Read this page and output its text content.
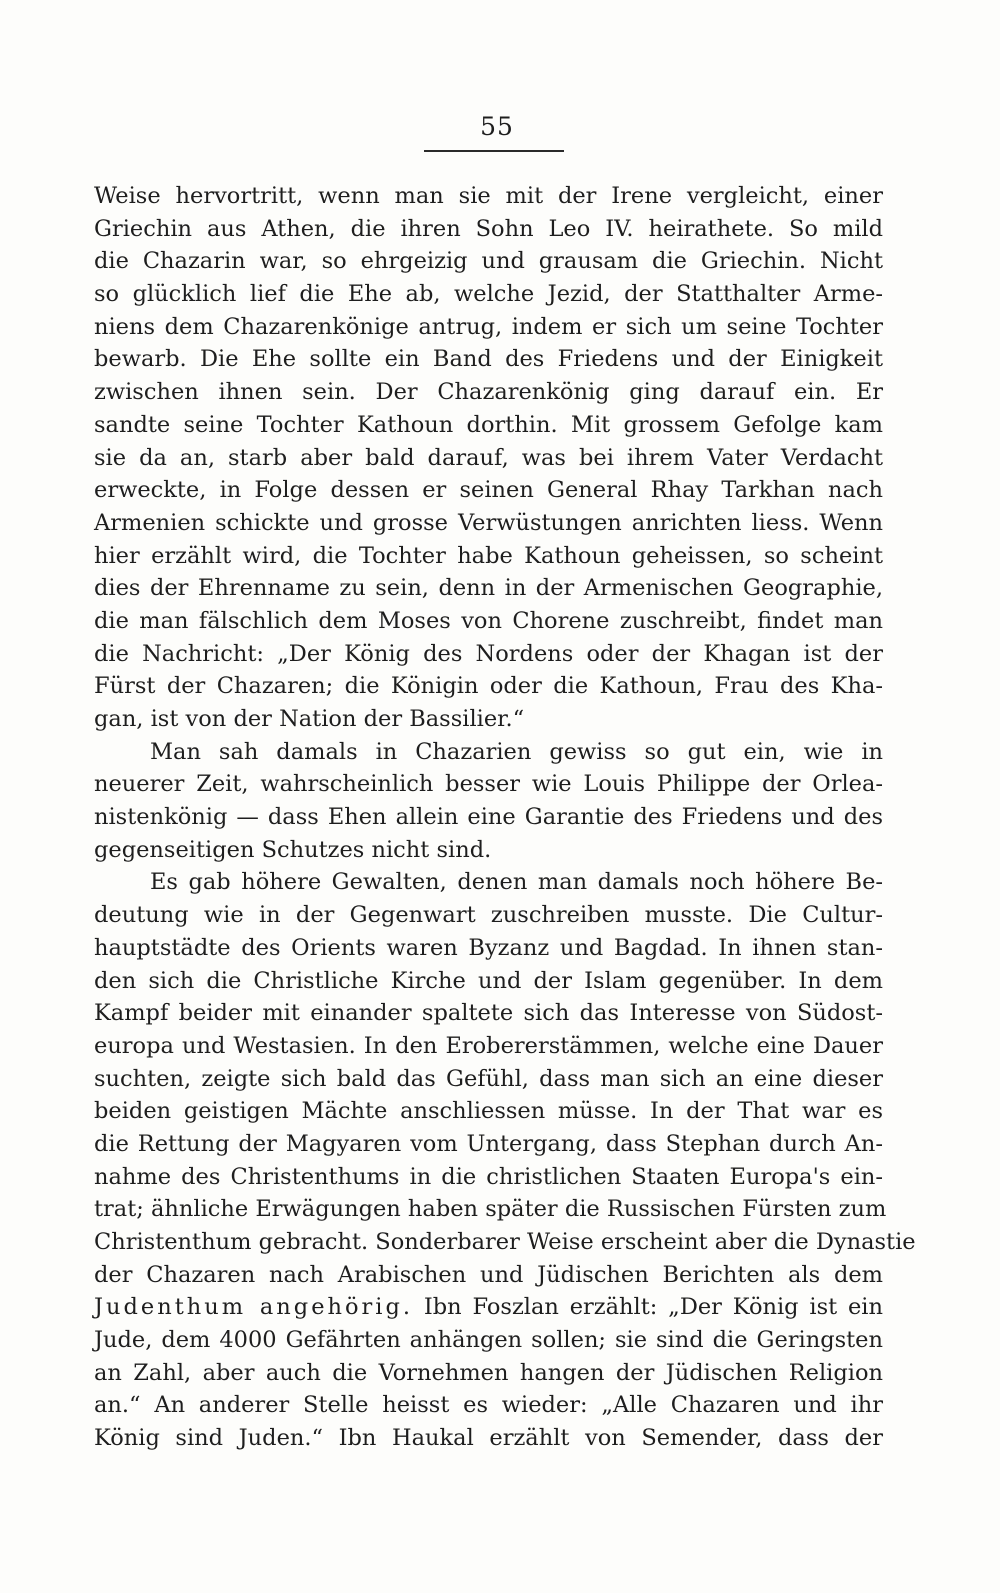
55
Weise hervortritt, wenn man sie mit der Irene vergleicht, einer
Griechin aus Athen, die ihren Sohn Leo IV. heirathete. So mild
die Chazarin war, so ehrgeizig und grausam die Griechin. Nicht
so glücklich lief die Ehe ab, welche Jezid, der Statthalter Arme-
niens dem Chazarenkönige antrug, indem er sich um seine Tochter
bewarb. Die Ehe sollte ein Band des Friedens und der Einigkeit
zwischen ihnen sein. Der Chazarenkönig ging darauf ein. Er
sandte seine Tochter Kathoun dorthin. Mit grossem Gefolge kam
sie da an, starb aber bald darauf, was bei ihrem Vater Verdacht
erweckte, in Folge dessen er seinen General Rhay Tarkhan nach
Armenien schickte und grosse Verwüstungen anrichten liess. Wenn
hier erzählt wird, die Tochter habe Kathoun geheissen, so scheint
dies der Ehrenname zu sein, denn in der Armenischen Geographie,
die man fälschlich dem Moses von Chorene zuschreibt, findet man
die Nachricht: „Der König des Nordens oder der Khagan ist der
Fürst der Chazaren; die Königin oder die Kathoun, Frau des Kha-
gan, ist von der Nation der Bassilier.“
Man sah damals in Chazarien gewiss so gut ein, wie in
neuerer Zeit, wahrscheinlich besser wie Louis Philippe der Orlea-
nistenkönig — dass Ehen allein eine Garantie des Friedens und des
gegenseitigen Schutzes nicht sind.
Es gab höhere Gewalten, denen man damals noch höhere Be-
deutung wie in der Gegenwart zuschreiben musste. Die Cultur-
hauptstädte des Orients waren Byzanz und Bagdad. In ihnen stan-
den sich die Christliche Kirche und der Islam gegenüber. In dem
Kampf beider mit einander spaltete sich das Interesse von Südost-
europa und Westasien. In den Erobererstämmen, welche eine Dauer
suchten, zeigte sich bald das Gefühl, dass man sich an eine dieser
beiden geistigen Mächte anschliessen müsse. In der That war es
die Rettung der Magyaren vom Untergang, dass Stephan durch An-
nahme des Christenthums in die christlichen Staaten Europa's ein-
trat; ähnliche Erwägungen haben später die Russischen Fürsten zum
Christenthum gebracht. Sonderbarer Weise erscheint aber die Dynastie
der Chazaren nach Arabischen und Jüdischen Berichten als dem
Judenthum angehörig. Ibn Foszlan erzählt: „Der König ist ein
Jude, dem 4000 Gefährten anhängen sollen; sie sind die Geringsten
an Zahl, aber auch die Vornehmen hangen der Jüdischen Religion
an.“ An anderer Stelle heisst es wieder: „Alle Chazaren und ihr
König sind Juden.“ Ibn Haukal erzählt von Semender, dass der
